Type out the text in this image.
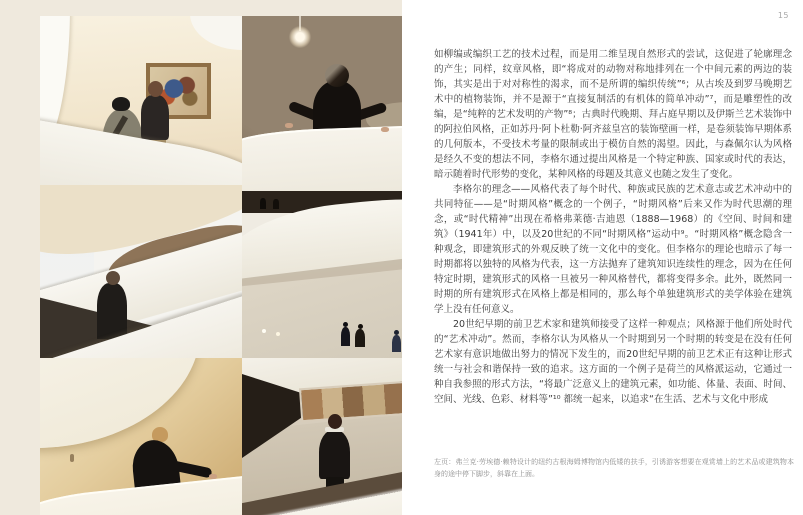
15

如柳编或编织工艺的技术过程，而是用二维呈现自然形式的尝试，这促进了轮廓理念的产生；同样，纹章风格，即“将成对的动物对称地排列在一个中间元素的两边的装饰，其实是出于对对称性的渴求，而不是所谓的编织传统”⁶；从古埃及到罗马晚期艺术中的植物装饰，并不是源于“直接复制活的有机体的简单冲动”⁷，而是雕塑性的改编，是“纯粹的艺术发明的产物”⁸；古典时代晚期、拜占庭早期以及伊斯兰艺术装饰中的阿拉伯风格，正如苏丹·阿卜杜勒·阿齐兹皇宫的装饰壁画一样，是卷须装饰早期体系的几何版本，不受技术考量的限制或出于模仿自然的渴望。因此，与森佩尔认为风格是经久不变的想法不同，李格尔通过提出风格是一个特定种族、国家或时代的表达，暗示随着时代形势的变化，某种风格的母题及其意义也随之发生了变化。

李格尔的理念——风格代表了每个时代、种族或民族的艺术意志或艺术冲动中的共同特征——是“时期风格”概念的一个例子，“时期风格”后来又作为时代思潮的理念，或“时代精神”出现在希格弗莱德·吉迪恩（1888—1968）的《空间、时间和建筑》（1941年）中，以及20世纪的不同“时期风格”运动中⁹。“时期风格”概念隐含一种观念，即建筑形式的外观反映了统一文化中的变化。但李格尔的理论也暗示了每一时期都将以独特的风格为代表，这一方法抛弃了建筑知识连续性的理念，因为在任何特定时期，建筑形式的风格一旦被另一种风格替代，都将变得多余。此外，既然同一时期的所有建筑形式在风格上都是相同的，那么每个单独建筑形式的美学体验在建筑学上没有任何意义。

20世纪早期的前卫艺术家和建筑师接受了这样一种观点；风格源于他们所处时代的“艺术冲动”。然而，李格尔认为风格从一个时期到另一个时期的转变是在没有任何艺术家有意识地做出努力的情况下发生的，而20世纪早期的前卫艺术正有这种让形式统一与社会和谐保持一致的追求。这方面的一个例子是荷兰的风格派运动，它通过一种自我参照的形式方法，“将最广泛意义上的建筑元素，如功能、体量、表面、时间、空间、光线、色彩、材料等”¹⁰ 都统一起来，以追求“在生活、艺术与文化中形成

左页：弗兰克·劳埃德·赖特设计的纽约古根海姆博物馆内低矮的扶手，引诱游客想要在观赏墙上的艺术品或建筑物本身的途中停下脚步，斜靠在上面。
